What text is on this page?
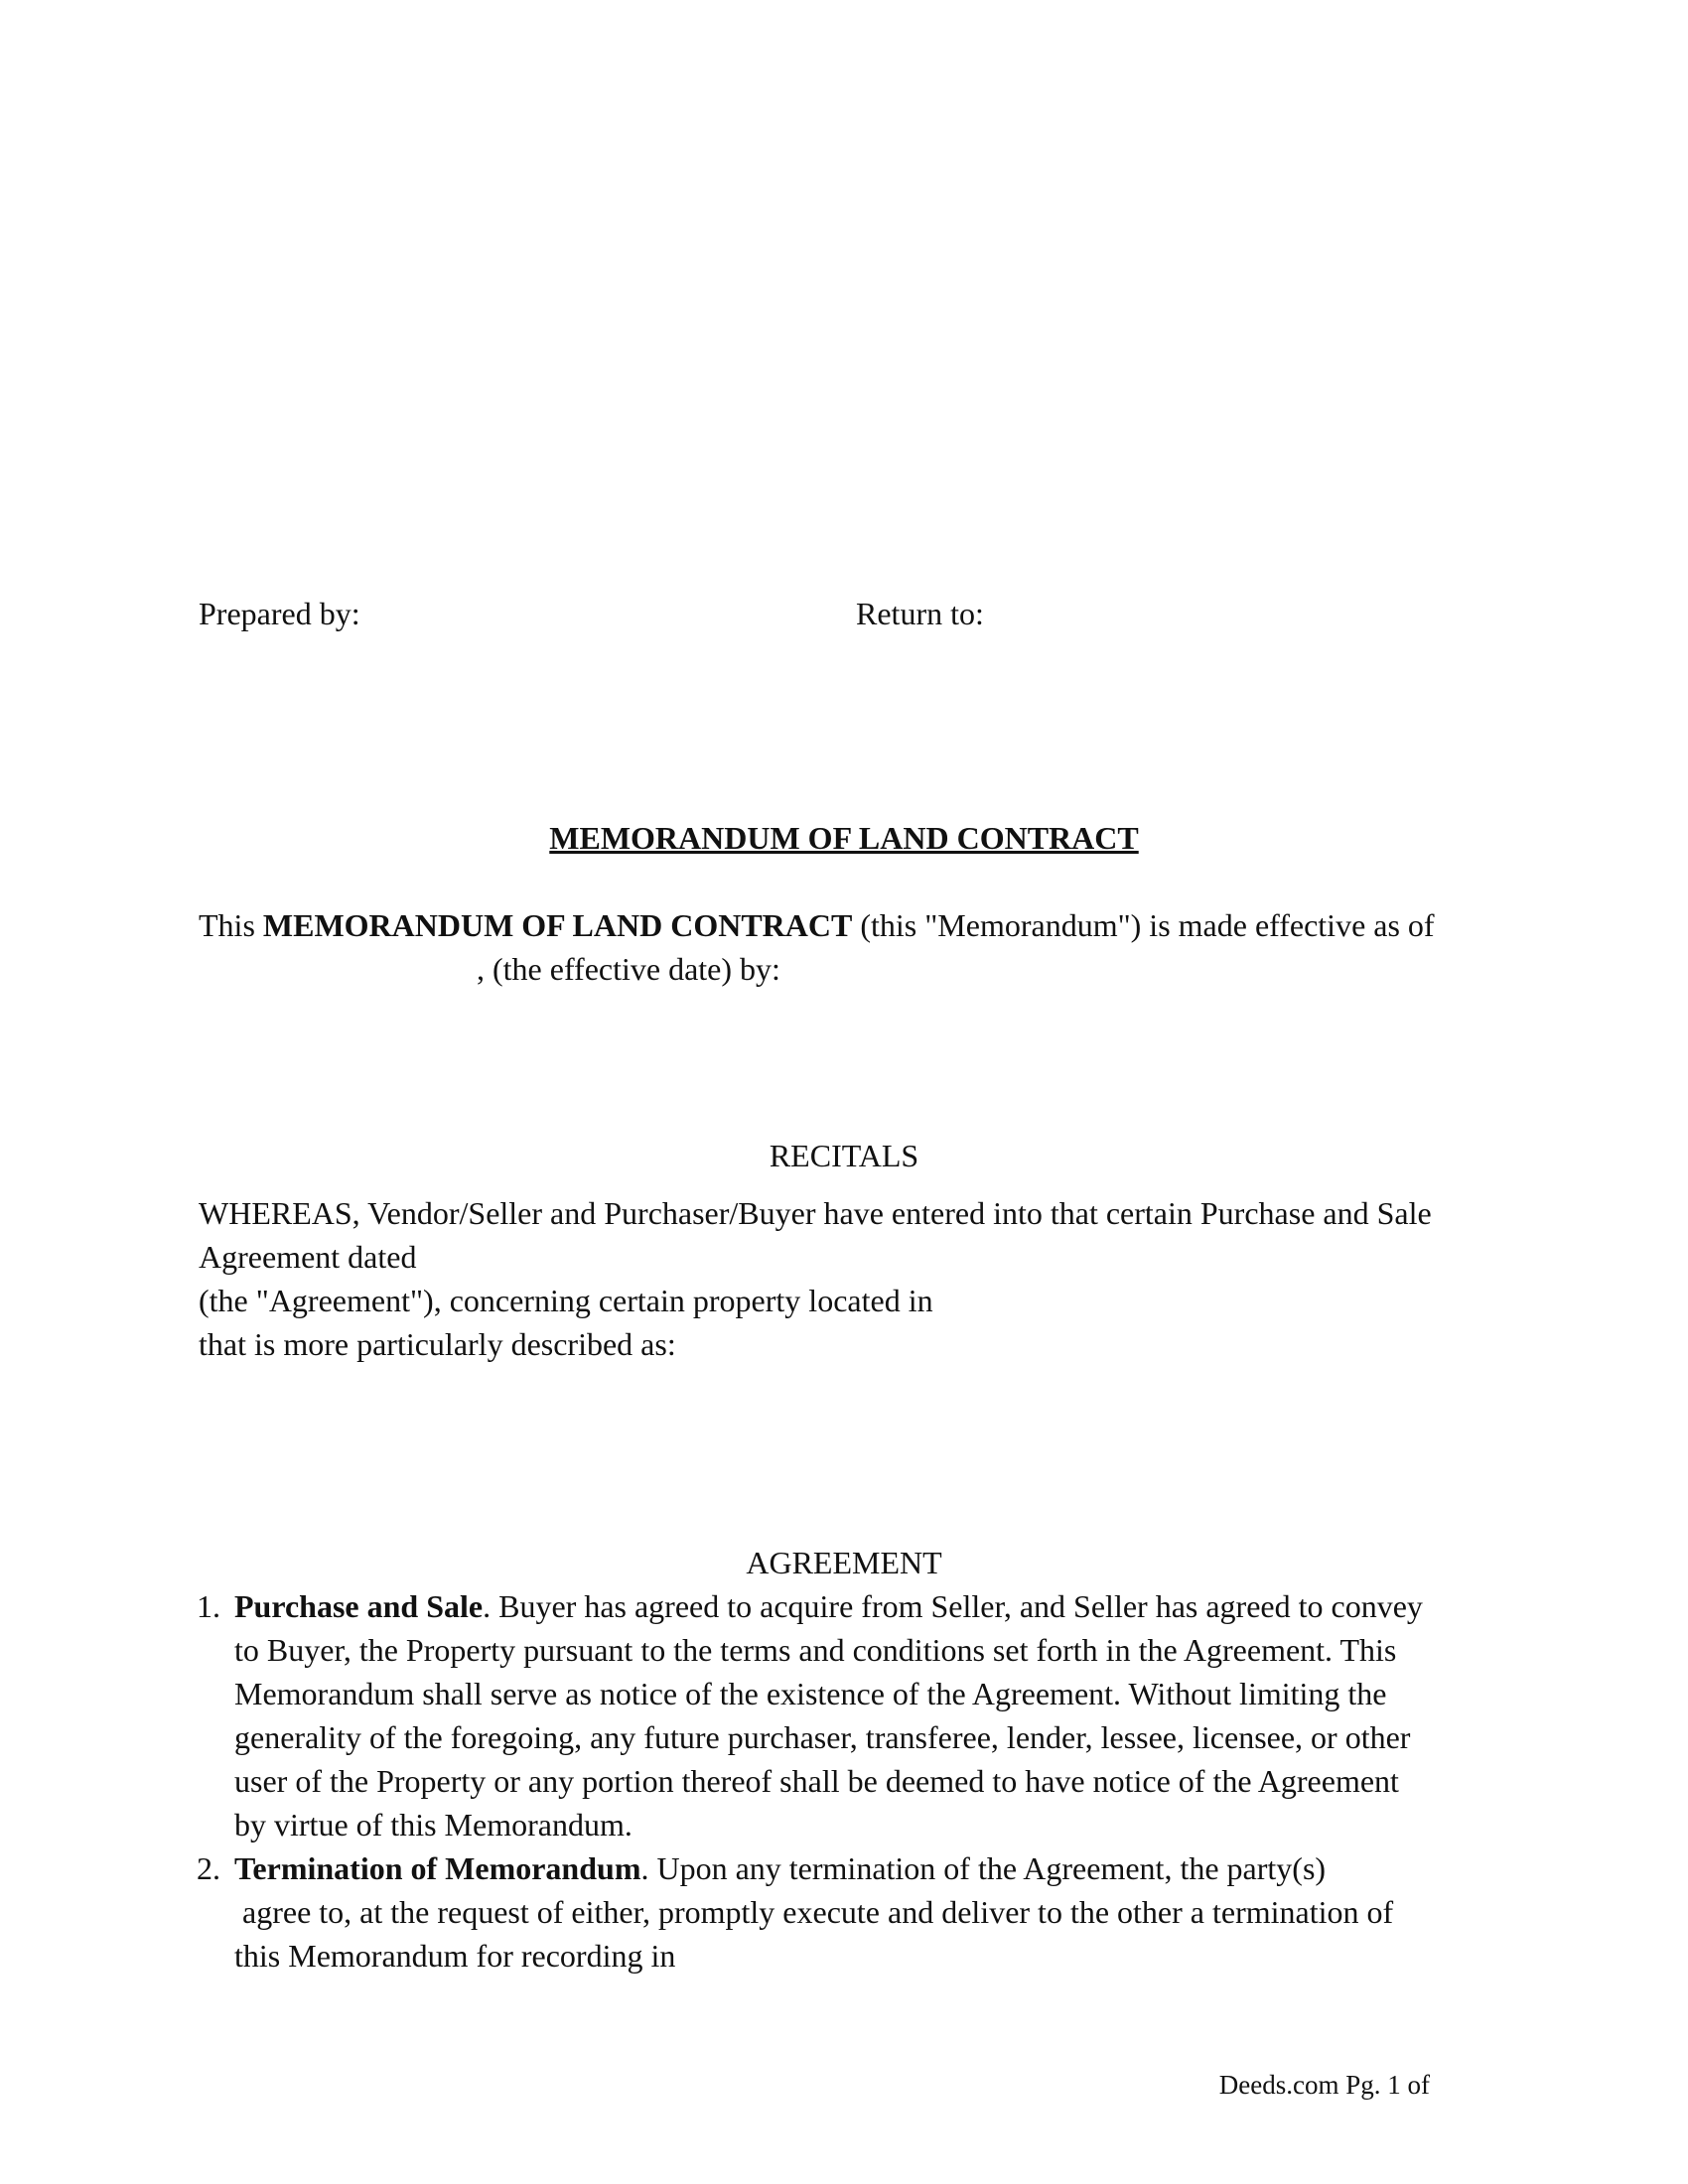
Prepared by:	Return to:
MEMORANDUM OF LAND CONTRACT
This MEMORANDUM OF LAND CONTRACT (this "Memorandum") is made effective as of
, (the effective date) by:
RECITALS
WHEREAS, Vendor/Seller and Purchaser/Buyer have entered into that certain Purchase and Sale
Agreement dated
(the "Agreement"), concerning certain property located in
that is more particularly described as:
AGREEMENT
1. Purchase and Sale. Buyer has agreed to acquire from Seller, and Seller has agreed to convey
to Buyer, the Property pursuant to the terms and conditions set forth in the Agreement. This
Memorandum shall serve as notice of the existence of the Agreement. Without limiting the
generality of the foregoing, any future purchaser, transferee, lender, lessee, licensee, or other
user of the Property or any portion thereof shall be deemed to have notice of the Agreement
by virtue of this Memorandum.
2. Termination of Memorandum. Upon any termination of the Agreement, the party(s)
agree to, at the request of either, promptly execute and deliver to the other a termination of
this Memorandum for recording in
Deeds.com Pg. 1 of
